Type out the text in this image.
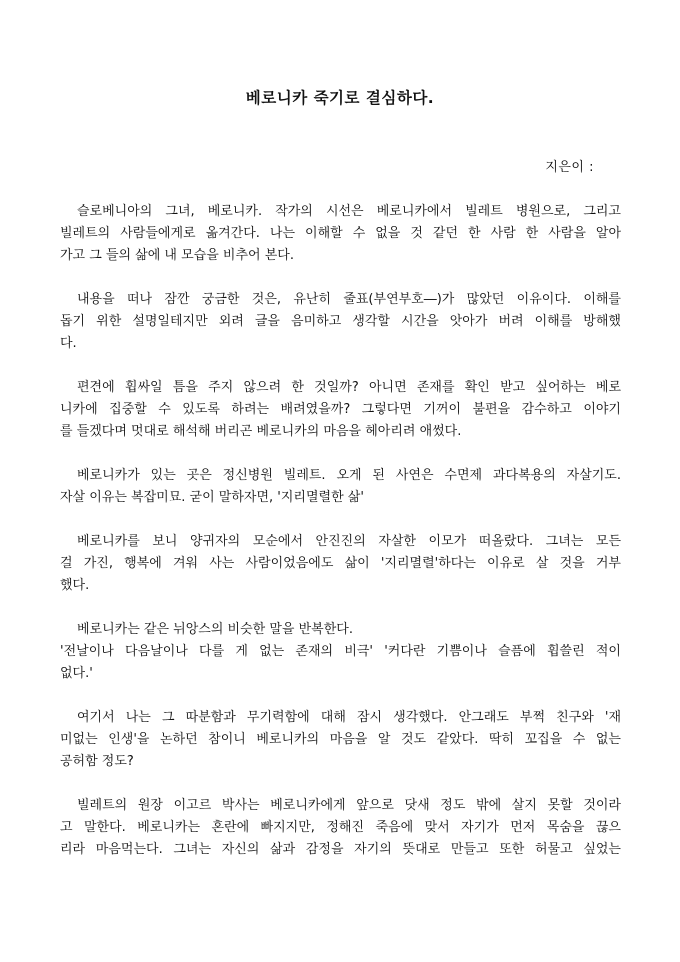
베로니카 죽기로 결심하다.
지은이 :

슬로베니아의 그녀, 베로니카. 작가의 시선은 베로니카에서 빌레트 병원으로, 그리고
빌레트의 사람들에게로 옮겨간다. 나는 이해할 수 없을 것 같던 한 사람 한 사람을 알아
가고 그 들의 삶에 내 모습을 비추어 본다.

내용을 떠나 잠깐 궁금한 것은, 유난히 줄표(부연부호―)가 많았던 이유이다. 이해를
돕기 위한 설명일테지만 외려 글을 음미하고 생각할 시간을 앗아가 버려 이해를 방해했
다.

편견에 휩싸일 틈을 주지 않으려 한 것일까? 아니면 존재를 확인 받고 싶어하는 베로
니카에 집중할 수 있도록 하려는 배려였을까? 그렇다면 기꺼이 불편을 감수하고 이야기
를 들겠다며 멋대로 해석해 버리곤 베로니카의 마음을 헤아리려 애썼다.

베로니카가 있는 곳은 정신병원 빌레트. 오게 된 사연은 수면제 과다복용의 자살기도.
자살 이유는 복잡미묘. 굳이 말하자면, '지리멸렬한 삶'

베로니카를 보니 양귀자의 모순에서 안진진의 자살한 이모가 떠올랐다. 그녀는 모든
걸 가진, 행복에 겨워 사는 사람이었음에도 삶이 '지리멸렬'하다는 이유로 살 것을 거부
했다.

베로니카는 같은 뉘앙스의 비슷한 말을 반복한다.
'전날이나 다음날이나 다를 게 없는 존재의 비극' '커다란 기쁨이나 슬픔에 휩쓸린 적이
없다.'

여기서 나는 그 따분함과 무기력함에 대해 잠시 생각했다. 안그래도 부쩍 친구와 '재
미없는 인생'을 논하던 참이니 베로니카의 마음을 알 것도 같았다. 딱히 꼬집을 수 없는
공허함 정도?

빌레트의 원장 이고르 박사는 베로니카에게 앞으로 닷새 정도 밖에 살지 못할 것이라
고 말한다. 베로니카는 혼란에 빠지지만, 정해진 죽음에 맞서 자기가 먼저 목숨을 끊으
리라 마음먹는다. 그녀는 자신의 삶과 감정을 자기의 뜻대로 만들고 또한 허물고 싶었는
